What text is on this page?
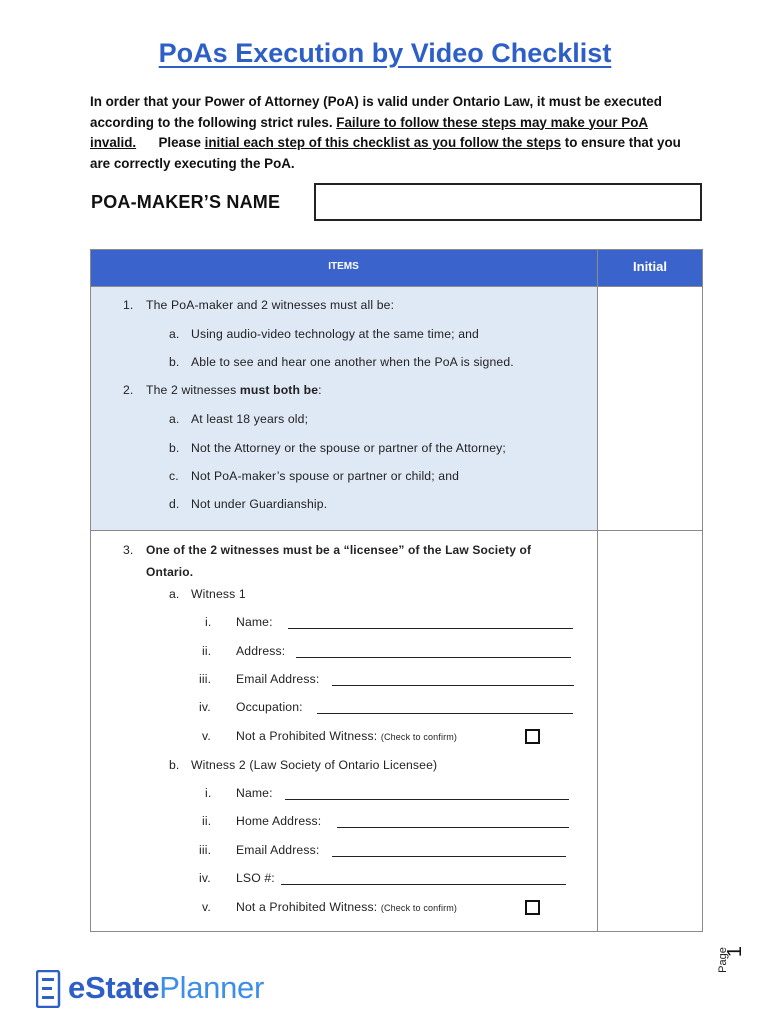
PoAs Execution by Video Checklist
In order that your Power of Attorney (PoA) is valid under Ontario Law, it must be executed according to the following strict rules. Failure to follow these steps may make your PoA invalid.      Please initial each step of this checklist as you follow the steps to ensure that you are correctly executing the PoA.
POA-MAKER’S NAME
ITEMS	Initial
1. The PoA-maker and 2 witnesses must all be:
a. Using audio-video technology at the same time; and
b. Able to see and hear one another when the PoA is signed.
2. The 2 witnesses must both be:
a. At least 18 years old;
b. Not the Attorney or the spouse or partner of the Attorney;
c. Not PoA-maker’s spouse or partner or child; and
d. Not under Guardianship.
3. One of the 2 witnesses must be a “licensee” of the Law Society of
Ontario.
a. Witness 1
i. Name:
ii. Address:
iii. Email Address:
iv. Occupation:
v. Not a Prohibited Witness: (Check to confirm)
b. Witness 2 (Law Society of Ontario Licensee)
i. Name:
ii. Home Address:
iii. Email Address:
iv. LSO #:
v. Not a Prohibited Witness: (Check to confirm)
Page
1
eStatePlanner
